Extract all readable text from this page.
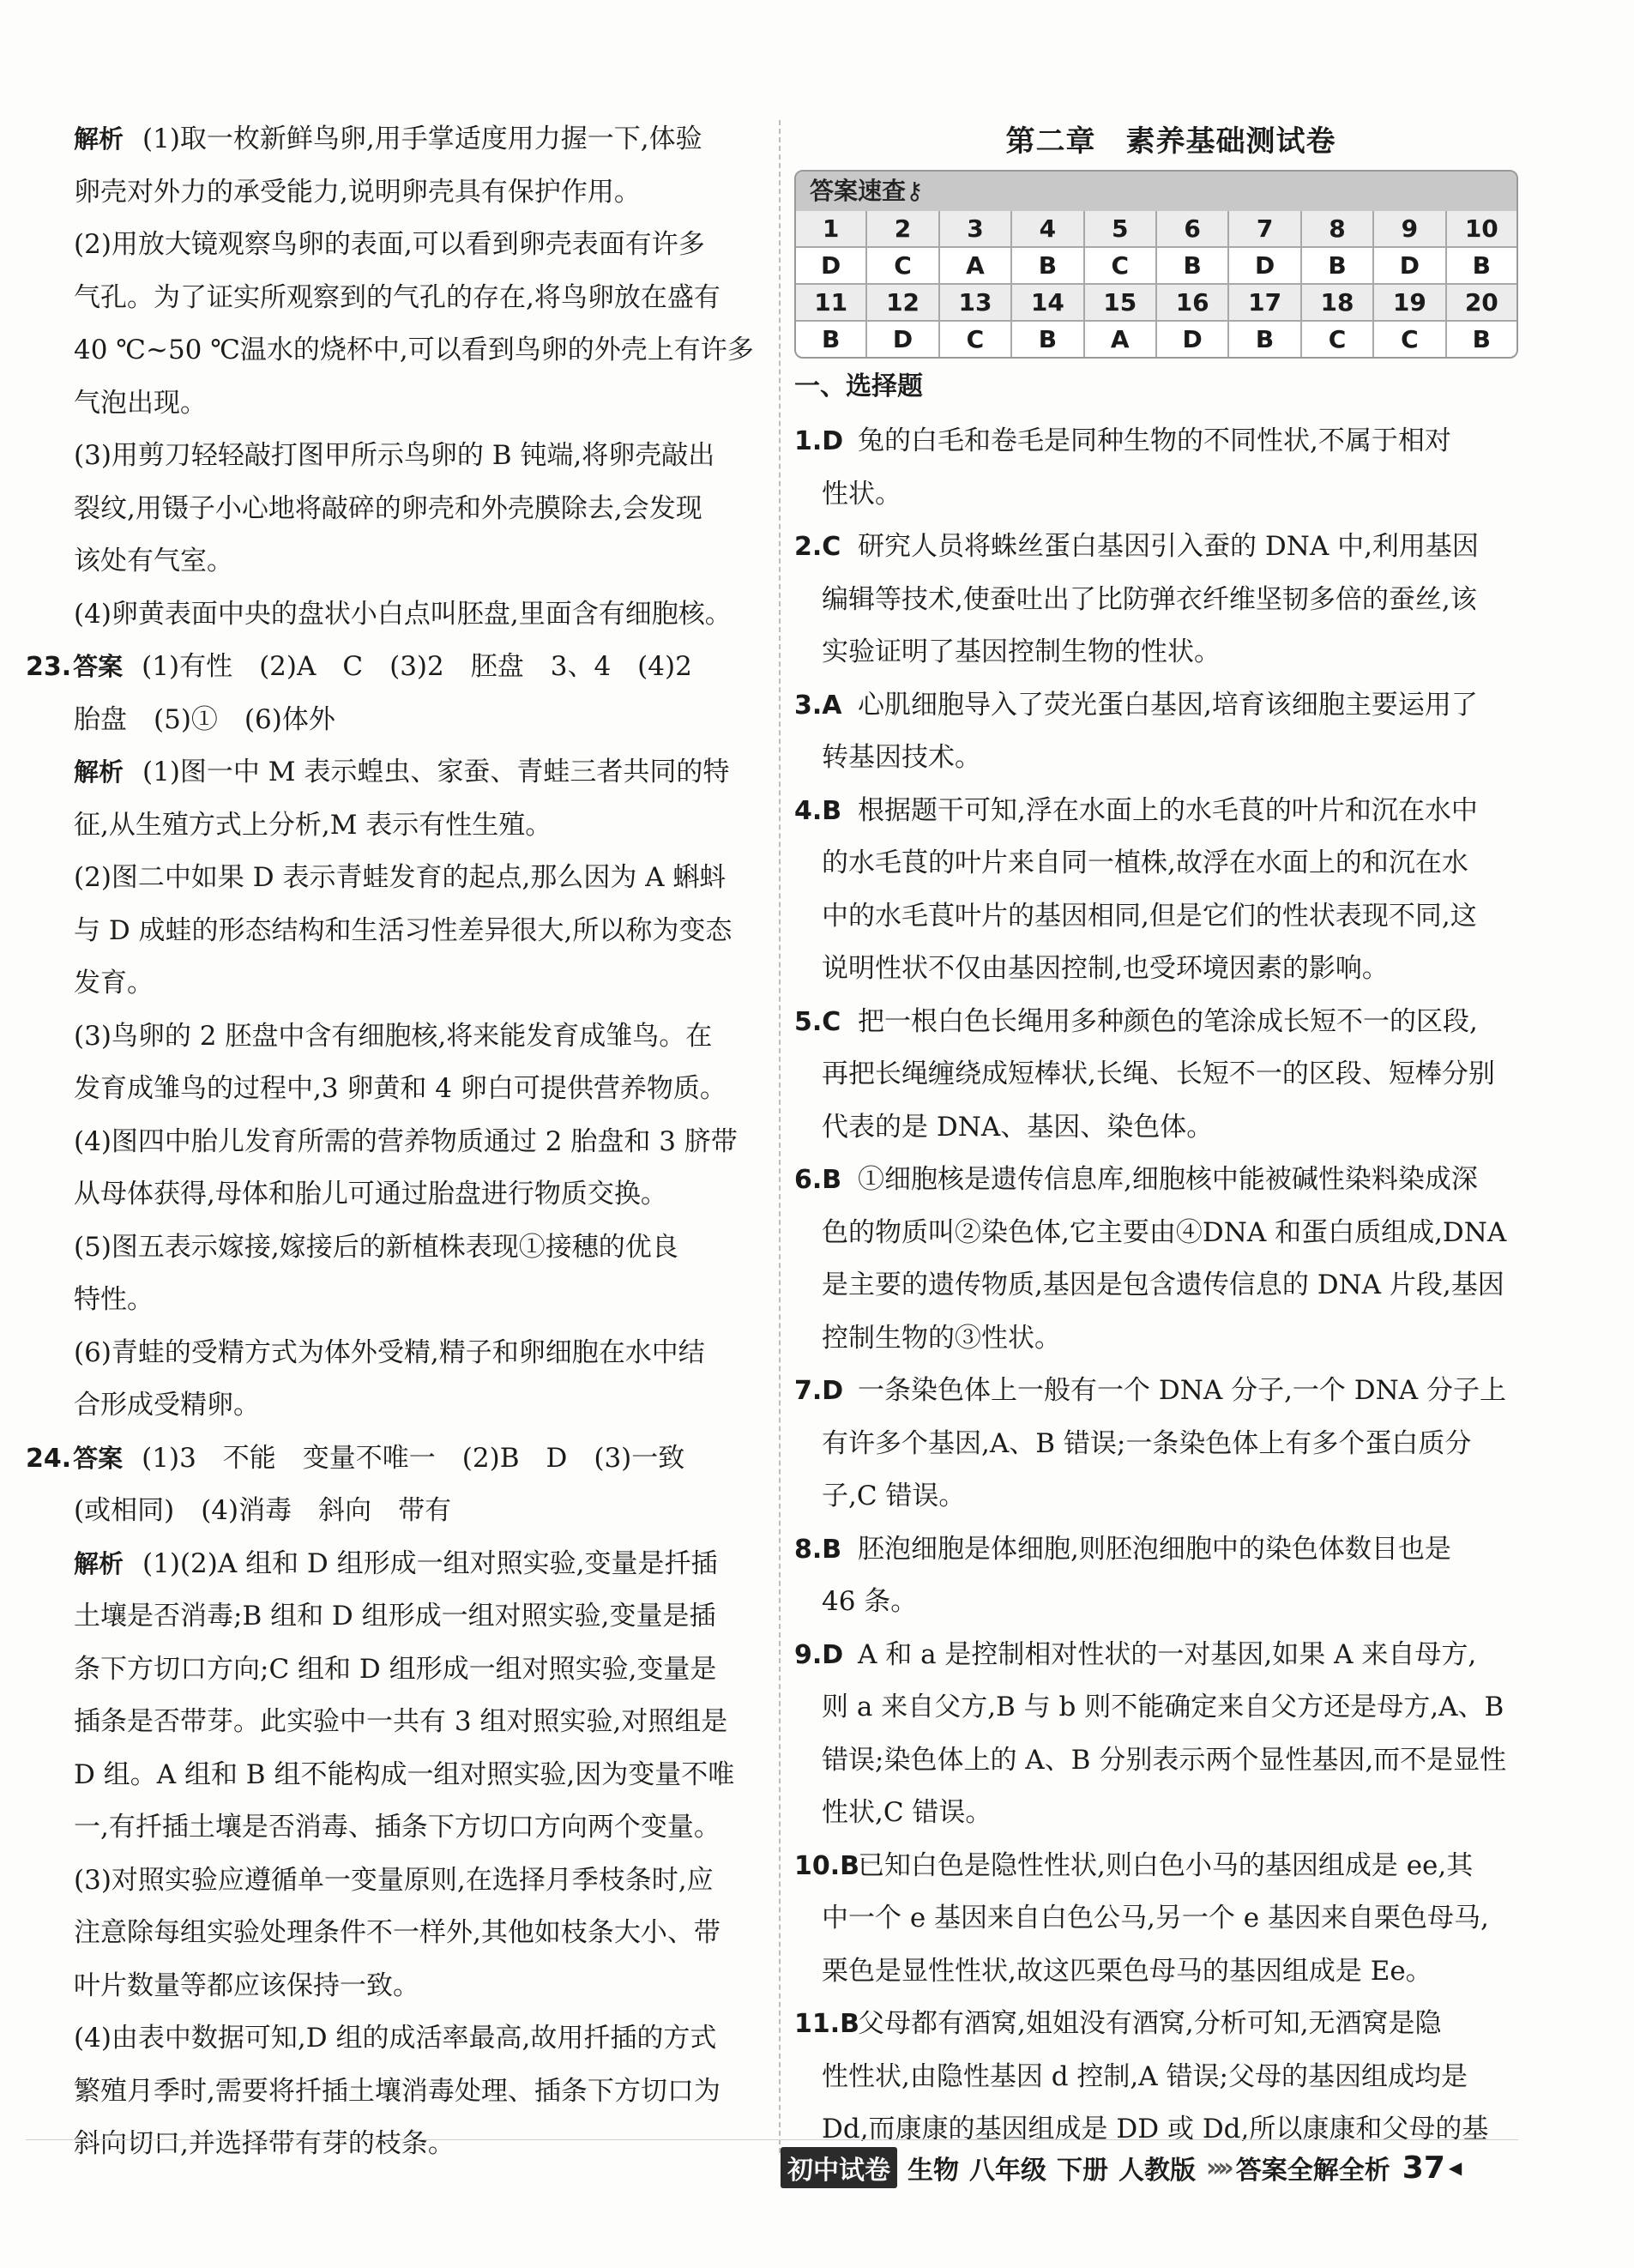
解析 (1)取一枚新鲜鸟卵,用手掌适度用力握一下,体验
卵壳对外力的承受能力,说明卵壳具有保护作用。
(2)用放大镜观察鸟卵的表面,可以看到卵壳表面有许多
气孔。为了证实所观察到的气孔的存在,将鸟卵放在盛有
40 ℃~50 ℃温水的烧杯中,可以看到鸟卵的外壳上有许多
气泡出现。
(3)用剪刀轻轻敲打图甲所示鸟卵的 B 钝端,将卵壳敲出
裂纹,用镊子小心地将敲碎的卵壳和外壳膜除去,会发现
该处有气室。
(4)卵黄表面中央的盘状小白点叫胚盘,里面含有细胞核。
23.答案 (1)有性　(2)A　C　(3)2　胚盘　3、4　(4)2
胎盘　(5)①　(6)体外
解析 (1)图一中 M 表示蝗虫、家蚕、青蛙三者共同的特
征,从生殖方式上分析,M 表示有性生殖。
(2)图二中如果 D 表示青蛙发育的起点,那么因为 A 蝌蚪
与 D 成蛙的形态结构和生活习性差异很大,所以称为变态
发育。
(3)鸟卵的 2 胚盘中含有细胞核,将来能发育成雏鸟。在
发育成雏鸟的过程中,3 卵黄和 4 卵白可提供营养物质。
(4)图四中胎儿发育所需的营养物质通过 2 胎盘和 3 脐带
从母体获得,母体和胎儿可通过胎盘进行物质交换。
(5)图五表示嫁接,嫁接后的新植株表现①接穗的优良
特性。
(6)青蛙的受精方式为体外受精,精子和卵细胞在水中结
合形成受精卵。
24.答案 (1)3　不能　变量不唯一　(2)B　D　(3)一致
(或相同)　(4)消毒　斜向　带有
解析 (1)(2)A 组和 D 组形成一组对照实验,变量是扦插
土壤是否消毒;B 组和 D 组形成一组对照实验,变量是插
条下方切口方向;C 组和 D 组形成一组对照实验,变量是
插条是否带芽。此实验中一共有 3 组对照实验,对照组是
D 组。A 组和 B 组不能构成一组对照实验,因为变量不唯
一,有扦插土壤是否消毒、插条下方切口方向两个变量。
(3)对照实验应遵循单一变量原则,在选择月季枝条时,应
注意除每组实验处理条件不一样外,其他如枝条大小、带
叶片数量等都应该保持一致。
(4)由表中数据可知,D 组的成活率最高,故用扦插的方式
繁殖月季时,需要将扦插土壤消毒处理、插条下方切口为
斜向切口,并选择带有芽的枝条。
第二章　素养基础测试卷
答案速查⚷
1	2	3	4	5	6	7	8	9	10
D	C	A	B	C	B	D	B	D	B
11	12	13	14	15	16	17	18	19	20
B	D	C	B	A	D	B	C	C	B
一、选择题
1.D 兔的白毛和卷毛是同种生物的不同性状,不属于相对
性状。
2.C 研究人员将蛛丝蛋白基因引入蚕的 DNA 中,利用基因
编辑等技术,使蚕吐出了比防弹衣纤维坚韧多倍的蚕丝,该
实验证明了基因控制生物的性状。
3.A 心肌细胞导入了荧光蛋白基因,培育该细胞主要运用了
转基因技术。
4.B 根据题干可知,浮在水面上的水毛茛的叶片和沉在水中
的水毛茛的叶片来自同一植株,故浮在水面上的和沉在水
中的水毛茛叶片的基因相同,但是它们的性状表现不同,这
说明性状不仅由基因控制,也受环境因素的影响。
5.C 把一根白色长绳用多种颜色的笔涂成长短不一的区段,
再把长绳缠绕成短棒状,长绳、长短不一的区段、短棒分别
代表的是 DNA、基因、染色体。
6.B ①细胞核是遗传信息库,细胞核中能被碱性染料染成深
色的物质叫②染色体,它主要由④DNA 和蛋白质组成,DNA
是主要的遗传物质,基因是包含遗传信息的 DNA 片段,基因
控制生物的③性状。
7.D 一条染色体上一般有一个 DNA 分子,一个 DNA 分子上
有许多个基因,A、B 错误;一条染色体上有多个蛋白质分
子,C 错误。
8.B 胚泡细胞是体细胞,则胚泡细胞中的染色体数目也是
46 条。
9.D A 和 a 是控制相对性状的一对基因,如果 A 来自母方,
则 a 来自父方,B 与 b 则不能确定来自父方还是母方,A、B
错误;染色体上的 A、B 分别表示两个显性基因,而不是显性
性状,C 错误。
10.B已知白色是隐性性状,则白色小马的基因组成是 ee,其
中一个 e 基因来自白色公马,另一个 e 基因来自栗色母马,
栗色是显性性状,故这匹栗色母马的基因组成是 Ee。
11.B父母都有酒窝,姐姐没有酒窝,分析可知,无酒窝是隐
性性状,由隐性基因 d 控制,A 错误;父母的基因组成均是
Dd,而康康的基因组成是 DD 或 Dd,所以康康和父母的基
初中试卷 生物 八年级 下册 人教版 »» 答案全解全析 37 ◀
